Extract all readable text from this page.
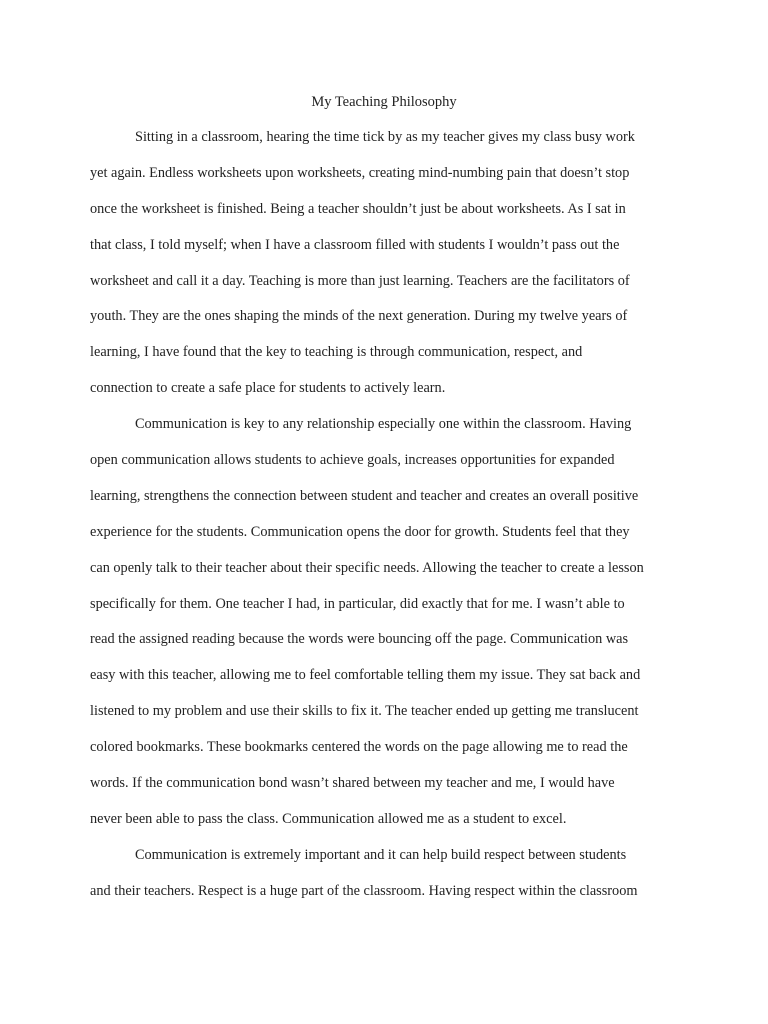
My Teaching Philosophy
Sitting in a classroom, hearing the time tick by as my teacher gives my class busy work
yet again. Endless worksheets upon worksheets, creating mind-numbing pain that doesn’t stop
once the worksheet is finished. Being a teacher shouldn’t just be about worksheets. As I sat in
that class, I told myself; when I have a classroom filled with students I wouldn’t pass out the
worksheet and call it a day. Teaching is more than just learning. Teachers are the facilitators of
youth. They are the ones shaping the minds of the next generation. During my twelve years of
learning, I have found that the key to teaching is through communication, respect, and
connection to create a safe place for students to actively learn.
Communication is key to any relationship especially one within the classroom. Having
open communication allows students to achieve goals, increases opportunities for expanded
learning, strengthens the connection between student and teacher and creates an overall positive
experience for the students. Communication opens the door for growth. Students feel that they
can openly talk to their teacher about their specific needs. Allowing the teacher to create a lesson
specifically for them. One teacher I had, in particular, did exactly that for me. I wasn’t able to
read the assigned reading because the words were bouncing off the page. Communication was
easy with this teacher, allowing me to feel comfortable telling them my issue. They sat back and
listened to my problem and use their skills to fix it. The teacher ended up getting me translucent
colored bookmarks. These bookmarks centered the words on the page allowing me to read the
words. If the communication bond wasn’t shared between my teacher and me, I would have
never been able to pass the class. Communication allowed me as a student to excel.
Communication is extremely important and it can help build respect between students
and their teachers. Respect is a huge part of the classroom. Having respect within the classroom
